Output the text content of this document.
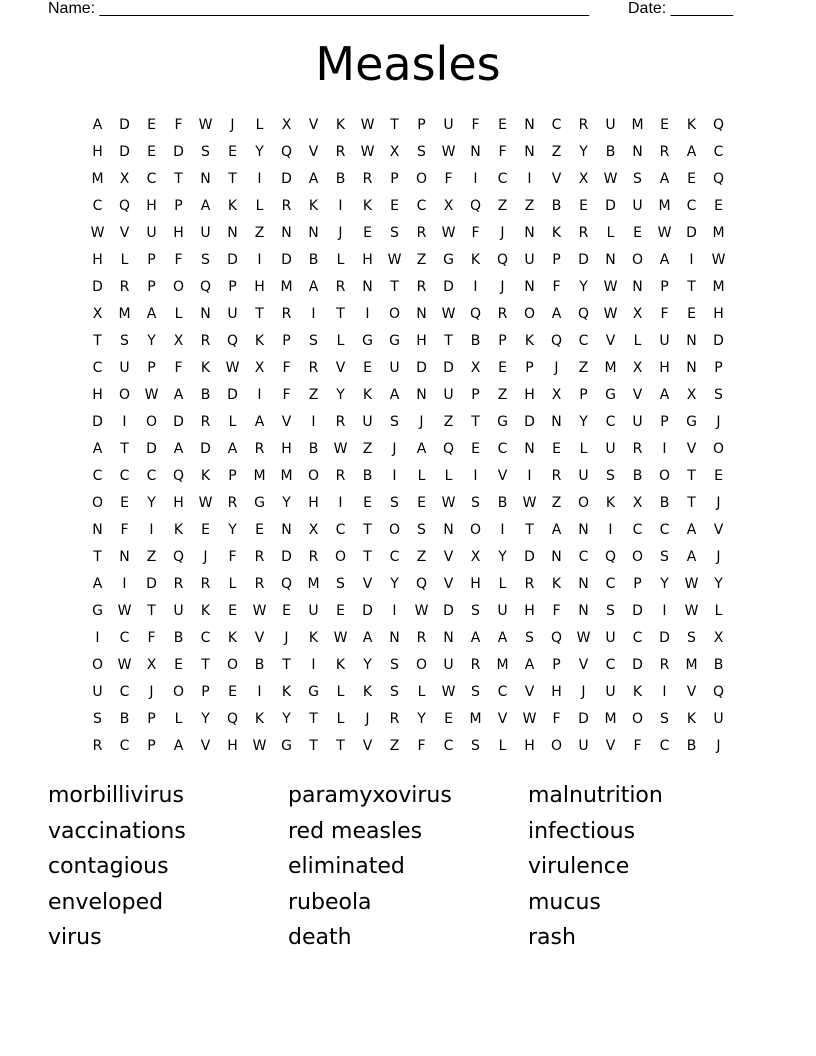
Name: _______________________________________________________ Date: _______
Measles
A	D	E	F	W	J	L	X	V	K	W	T	P	U	F	E	N	C	R	U	M	E	K	Q
H	D	E	D	S	E	Y	Q	V	R	W	X	S	W	N	F	N	Z	Y	B	N	R	A	C
M	X	C	T	N	T	I	D	A	B	R	P	O	F	I	C	I	V	X	W	S	A	E	Q
C	Q	H	P	A	K	L	R	K	I	K	E	C	X	Q	Z	Z	B	E	D	U	M	C	E
W	V	U	H	U	N	Z	N	N	J	E	S	R	W	F	J	N	K	R	L	E	W	D	M
H	L	P	F	S	D	I	D	B	L	H	W	Z	G	K	Q	U	P	D	N	O	A	I	W
D	R	P	O	Q	P	H	M	A	R	N	T	R	D	I	J	N	F	Y	W	N	P	T	M
X	M	A	L	N	U	T	R	I	T	I	O	N	W	Q	R	O	A	Q	W	X	F	E	H
T	S	Y	X	R	Q	K	P	S	L	G	G	H	T	B	P	K	Q	C	V	L	U	N	D
C	U	P	F	K	W	X	F	R	V	E	U	D	D	X	E	P	J	Z	M	X	H	N	P
H	O	W	A	B	D	I	F	Z	Y	K	A	N	U	P	Z	H	X	P	G	V	A	X	S
D	I	O	D	R	L	A	V	I	R	U	S	J	Z	T	G	D	N	Y	C	U	P	G	J
A	T	D	A	D	A	R	H	B	W	Z	J	A	Q	E	C	N	E	L	U	R	I	V	O
C	C	C	Q	K	P	M	M	O	R	B	I	L	L	I	V	I	R	U	S	B	O	T	E
O	E	Y	H	W	R	G	Y	H	I	E	S	E	W	S	B	W	Z	O	K	X	B	T	J
N	F	I	K	E	Y	E	N	X	C	T	O	S	N	O	I	T	A	N	I	C	C	A	V
T	N	Z	Q	J	F	R	D	R	O	T	C	Z	V	X	Y	D	N	C	Q	O	S	A	J
A	I	D	R	R	L	R	Q	M	S	V	Y	Q	V	H	L	R	K	N	C	P	Y	W	Y
G	W	T	U	K	E	W	E	U	E	D	I	W	D	S	U	H	F	N	S	D	I	W	L
I	C	F	B	C	K	V	J	K	W	A	N	R	N	A	A	S	Q	W	U	C	D	S	X
O	W	X	E	T	O	B	T	I	K	Y	S	O	U	R	M	A	P	V	C	D	R	M	B
U	C	J	O	P	E	I	K	G	L	K	S	L	W	S	C	V	H	J	U	K	I	V	Q
S	B	P	L	Y	Q	K	Y	T	L	J	R	Y	E	M	V	W	F	D	M	O	S	K	U
R	C	P	A	V	H	W	G	T	T	V	Z	F	C	S	L	H	O	U	V	F	C	B	J
morbillivirus	paramyxovirus	malnutrition
vaccinations	red measles	infectious
contagious	eliminated	virulence
enveloped	rubeola	mucus
virus	death	rash
